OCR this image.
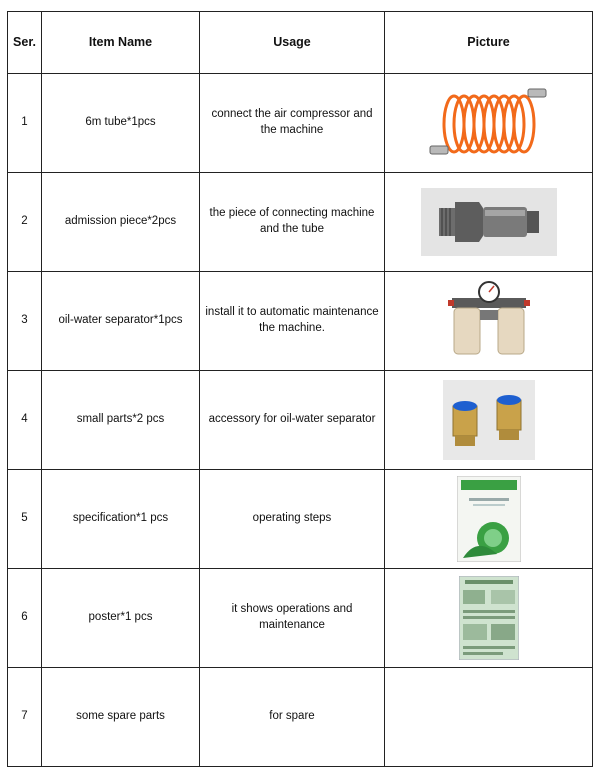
Ser.	Item Name	Usage	Picture
1	6m tube*1pcs	connect the air compressor and the machine	

2	admission piece*2pcs	the piece of connecting machine and the tube	

3	oil-water separator*1pcs	install it to automatic maintenance the machine.	

4	small parts*2 pcs	accessory for oil-water separator	

5	specification*1 pcs	operating steps	

6	poster*1 pcs	it shows operations and maintenance	

7	some spare parts	for spare	
